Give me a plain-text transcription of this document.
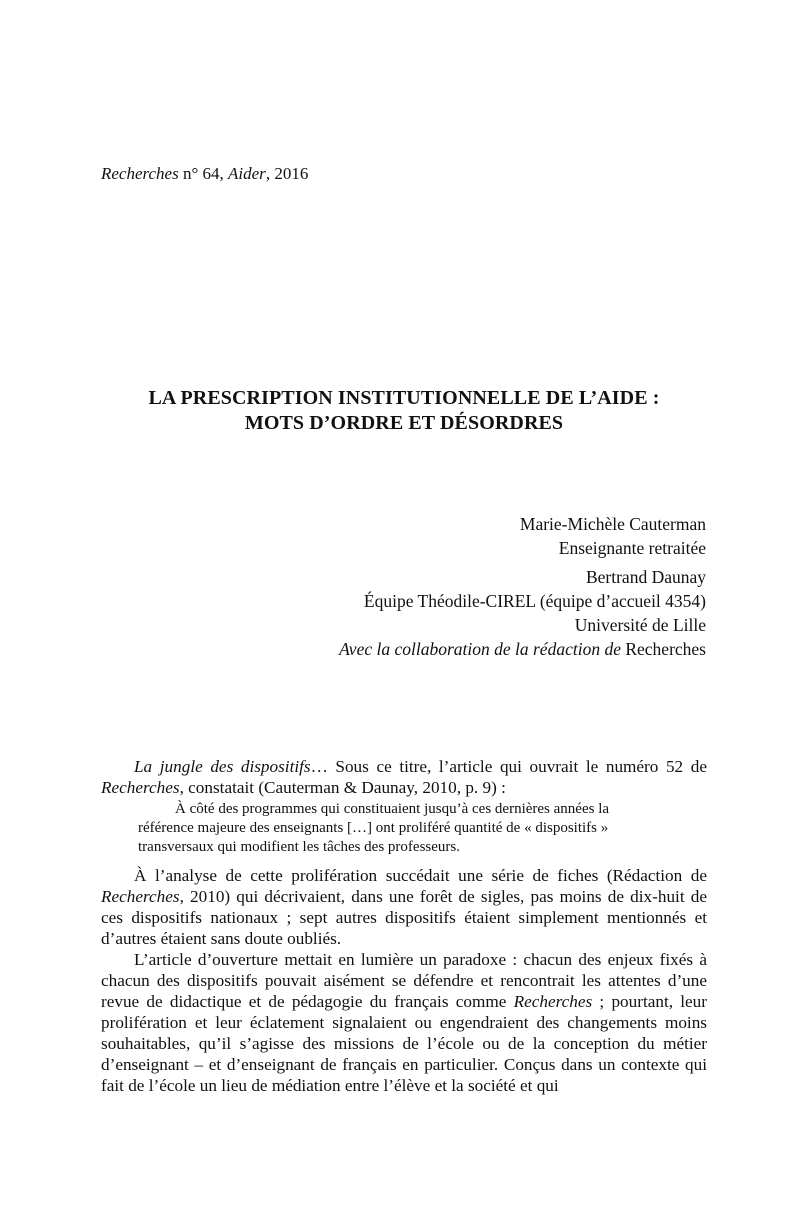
Recherches n° 64, Aider, 2016
LA PRESCRIPTION INSTITUTIONNELLE DE L’AIDE :
MOTS D’ORDRE ET DÉSORDRES
Marie-Michèle Cauterman
Enseignante retraitée
Bertrand Daunay
Équipe Théodile-CIREL (équipe d’accueil 4354)
Université de Lille
Avec la collaboration de la rédaction de Recherches

La jungle des dispositifs… Sous ce titre, l’article qui ouvrait le numéro 52 de Recherches, constatait (Cauterman & Daunay, 2010, p. 9) :

À côté des programmes qui constituaient jusqu’à ces dernières années la référence majeure des enseignants […] ont proliféré quantité de « dispositifs » transversaux qui modifient les tâches des professeurs.

À l’analyse de cette prolifération succédait une série de fiches (Rédaction de Recherches, 2010) qui décrivaient, dans une forêt de sigles, pas moins de dix-huit de ces dispositifs nationaux ; sept autres dispositifs étaient simplement mentionnés et d’autres étaient sans doute oubliés.

L’article d’ouverture mettait en lumière un paradoxe : chacun des enjeux fixés à chacun des dispositifs pouvait aisément se défendre et rencontrait les attentes d’une revue de didactique et de pédagogie du français comme Recherches ; pourtant, leur prolifération et leur éclatement signalaient ou engendraient des changements moins souhaitables, qu’il s’agisse des missions de l’école ou de la conception du métier d’enseignant – et d’enseignant de français en particulier. Conçus dans un contexte qui fait de l’école un lieu de médiation entre l’élève et la société et qui
